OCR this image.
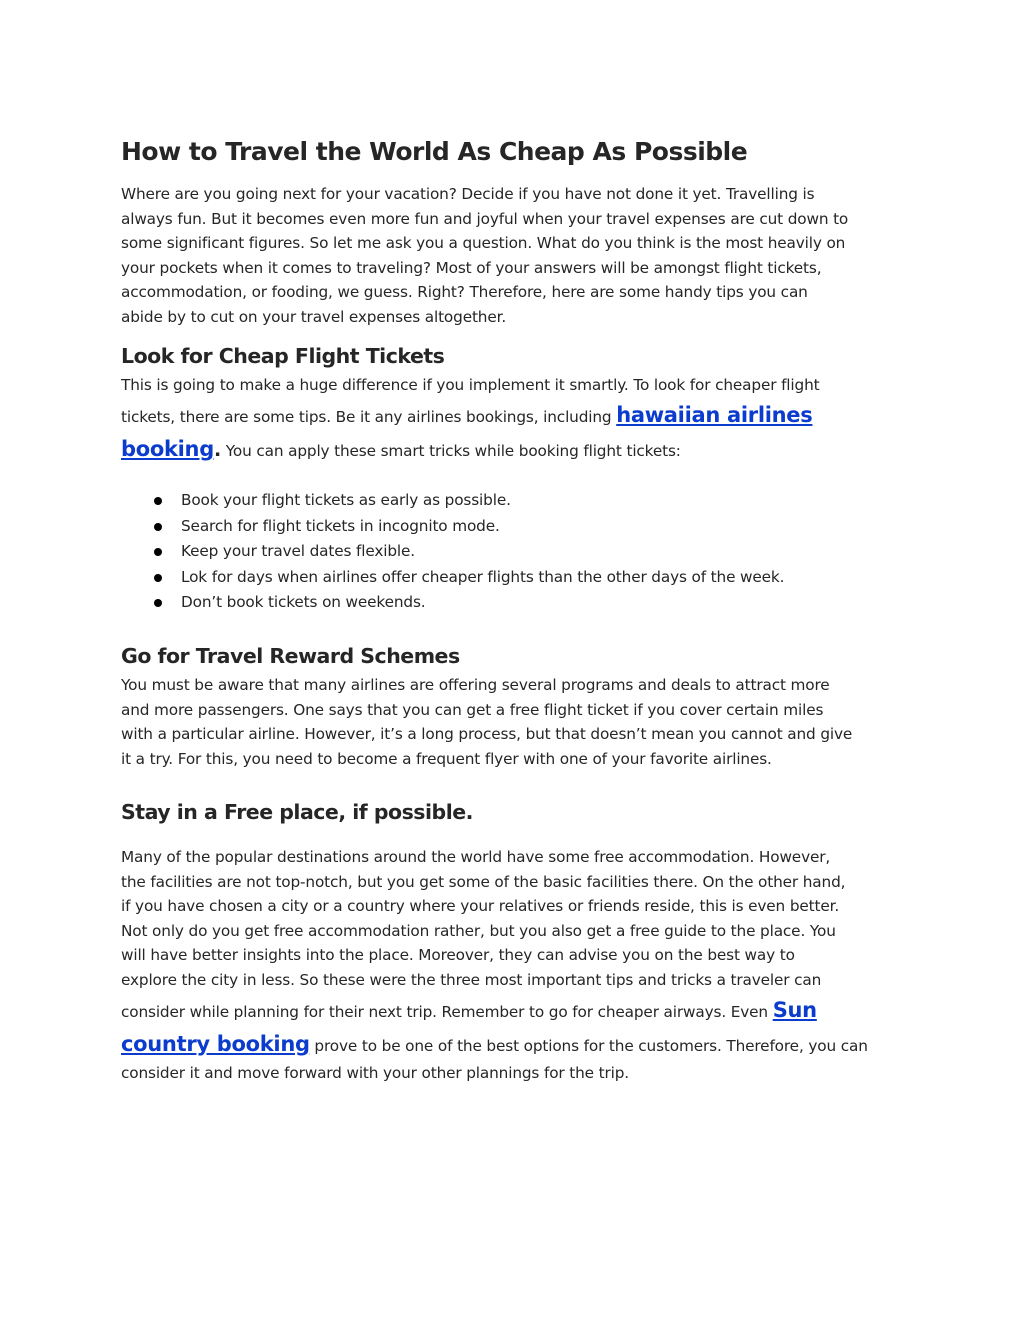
How to Travel the World As Cheap As Possible

Where are you going next for your vacation? Decide if you have not done it yet. Travelling is

always fun. But it becomes even more fun and joyful when your travel expenses are cut down to

some significant figures. So let me ask you a question. What do you think is the most heavily on

your pockets when it comes to traveling? Most of your answers will be amongst flight tickets,

accommodation, or fooding, we guess. Right? Therefore, here are some handy tips you can

abide by to cut on your travel expenses altogether.

Look for Cheap Flight Tickets

This is going to make a huge difference if you implement it smartly. To look for cheaper flight

tickets, there are some tips. Be it any airlines bookings, including hawaiian airlines

booking. You can apply these smart tricks while booking flight tickets:

Book your flight tickets as early as possible.
Search for flight tickets in incognito mode.
Keep your travel dates flexible.
Lok for days when airlines offer cheaper flights than the other days of the week.
Don’t book tickets on weekends.
Go for Travel Reward Schemes

You must be aware that many airlines are offering several programs and deals to attract more

and more passengers. One says that you can get a free flight ticket if you cover certain miles

with a particular airline. However, it’s a long process, but that doesn’t mean you cannot and give

it a try. For this, you need to become a frequent flyer with one of your favorite airlines.

Stay in a Free place, if possible.

Many of the popular destinations around the world have some free accommodation. However,

the facilities are not top-notch, but you get some of the basic facilities there. On the other hand,

if you have chosen a city or a country where your relatives or friends reside, this is even better.

Not only do you get free accommodation rather, but you also get a free guide to the place. You

will have better insights into the place. Moreover, they can advise you on the best way to

explore the city in less. So these were the three most important tips and tricks a traveler can

consider while planning for their next trip. Remember to go for cheaper airways. Even Sun

country booking prove to be one of the best options for the customers. Therefore, you can

consider it and move forward with your other plannings for the trip.
